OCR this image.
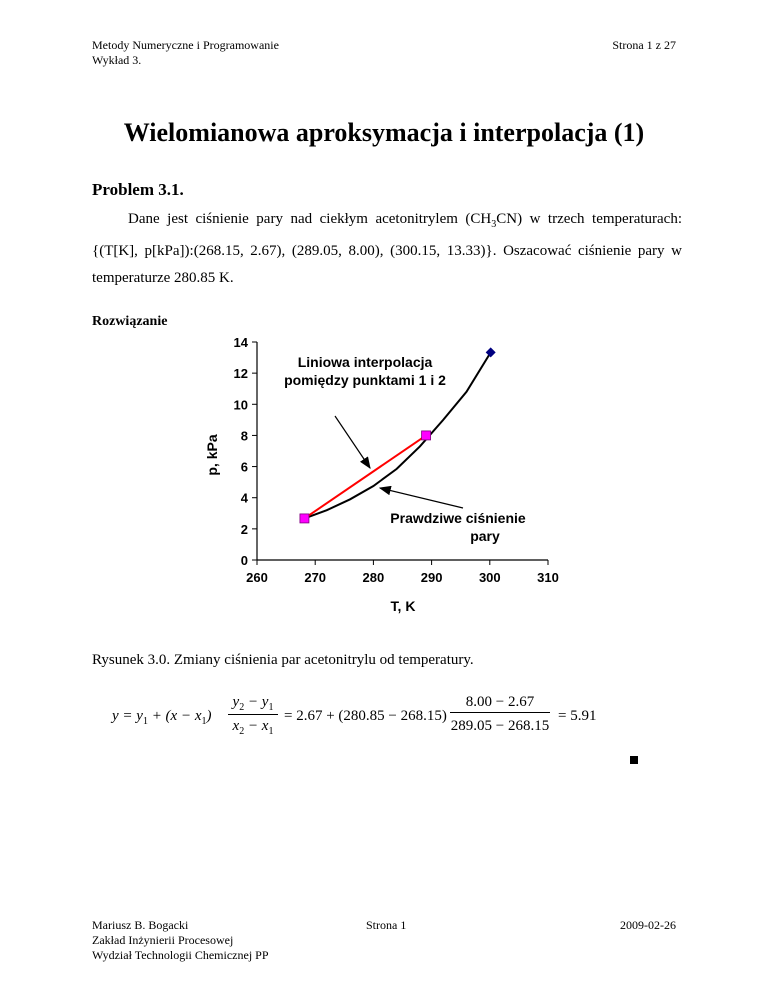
Metody Numeryczne i Programowanie
Wykład 3.
Strona 1 z 27
Wielomianowa aproksymacja i interpolacja (1)
Problem 3.1.
Dane jest ciśnienie pary nad ciekłym acetonitrylem $(CH_3CN)$ w trzech temperaturach: {(T[K], p[kPa]):(268.15, 2.67), (289.05, 8.00), (300.15, 13.33)}. Oszacować ciśnienie pary w temperaturze 280.85 K.
Rozwiązanie
0
2
4
6
8
10
12
14
260	270	280	290	300	310
p, kPa
T, K
Liniowa interpolacja
pomiędzy punktami 1 i 2
Prawdziwe ciśnienie
pary
Rysunek 3.0. Zmiany ciśnienia par acetonitrylu od temperatury.
$y = y_1 + (x - x_1)$
$y_2 - y_1$
$x_2 - x_1$
= 2.67 + (280.85 − 268.15)
8.00 − 2.67
289.05 − 268.15
= 5.91
Mariusz B. Bogacki
Zakład Inżynierii Procesowej
Wydział Technologii Chemicznej PP
Strona 1	2009-02-26
